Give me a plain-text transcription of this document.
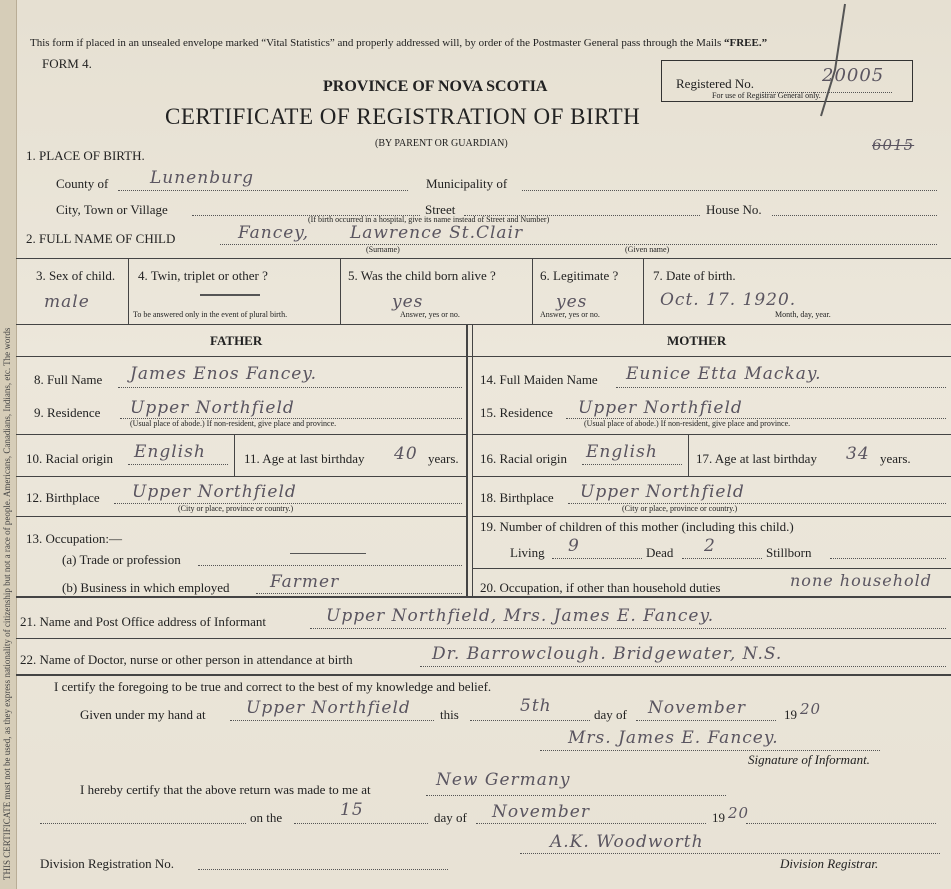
THIS CERTIFICATE must not be used, as they express nationality of citizenship but not a race of people. Americans, Canadians, Indians, etc. The words
This form if placed in an unsealed envelope marked “Vital Statistics” and properly addressed will, by order of the Postmaster General pass through the Mails “FREE.”
FORM 4.
Registered No.	20005
For use of Registrar General only.
PROVINCE OF NOVA SCOTIA
CERTIFICATE OF REGISTRATION OF BIRTH
(BY PARENT OR GUARDIAN)	6015
1. PLACE OF BIRTH.
County of Lunenburg	Municipality of
City, Town or Village	Street	House No.
(If birth occurred in a hospital, give its name instead of Street and Number)
2. FULL NAME OF CHILD	Fancey, Lawrence St.Clair
(Surname)	(Given name)
3. Sex of child.
male
4. Twin, triplet or other ?
To be answered only in the event of plural birth.
5. Was the child born alive ?
yes
Answer, yes or no.
6. Legitimate ?
yes
Answer, yes or no.
7. Date of birth.
Oct. 17. 1920.
Month, day, year.
FATHER	MOTHER
8. Full Name James Enos Fancey.
9. Residence Upper Northfield
(Usual place of abode.) If non-resident, give place and province.
10. Racial origin English	11. Age at last birthday 40 years.
12. Birthplace Upper Northfield
(City or place, province or country.)
13. Occupation:—
(a) Trade or profession
(b) Business in which employed Farmer
14. Full Maiden Name Eunice Etta Mackay.
15. Residence Upper Northfield
(Usual place of abode.) If non-resident, give place and province.
16. Racial origin English	17. Age at last birthday 34 years.
18. Birthplace Upper Northfield
(City or place, province or country.)
19. Number of children of this mother (including this child.)
Living 9	Dead 2	Stillborn
20. Occupation, if other than household duties	none household
21. Name and Post Office address of Informant	Upper Northfield, Mrs. James E. Fancey.
22. Name of Doctor, nurse or other person in attendance at birth	Dr. Barrowclough. Bridgewater, N.S.
I certify the foregoing to be true and correct to the best of my knowledge and belief.
Given under my hand at Upper Northfield this	5th	day of November	19 20
Mrs. James E. Fancey.
Signature of Informant.
I hereby certify that the above return was made to me at	New Germany
on the	15	day of November	19 20
Division Registration No.
A.K. Woodworth
Division Registrar.
